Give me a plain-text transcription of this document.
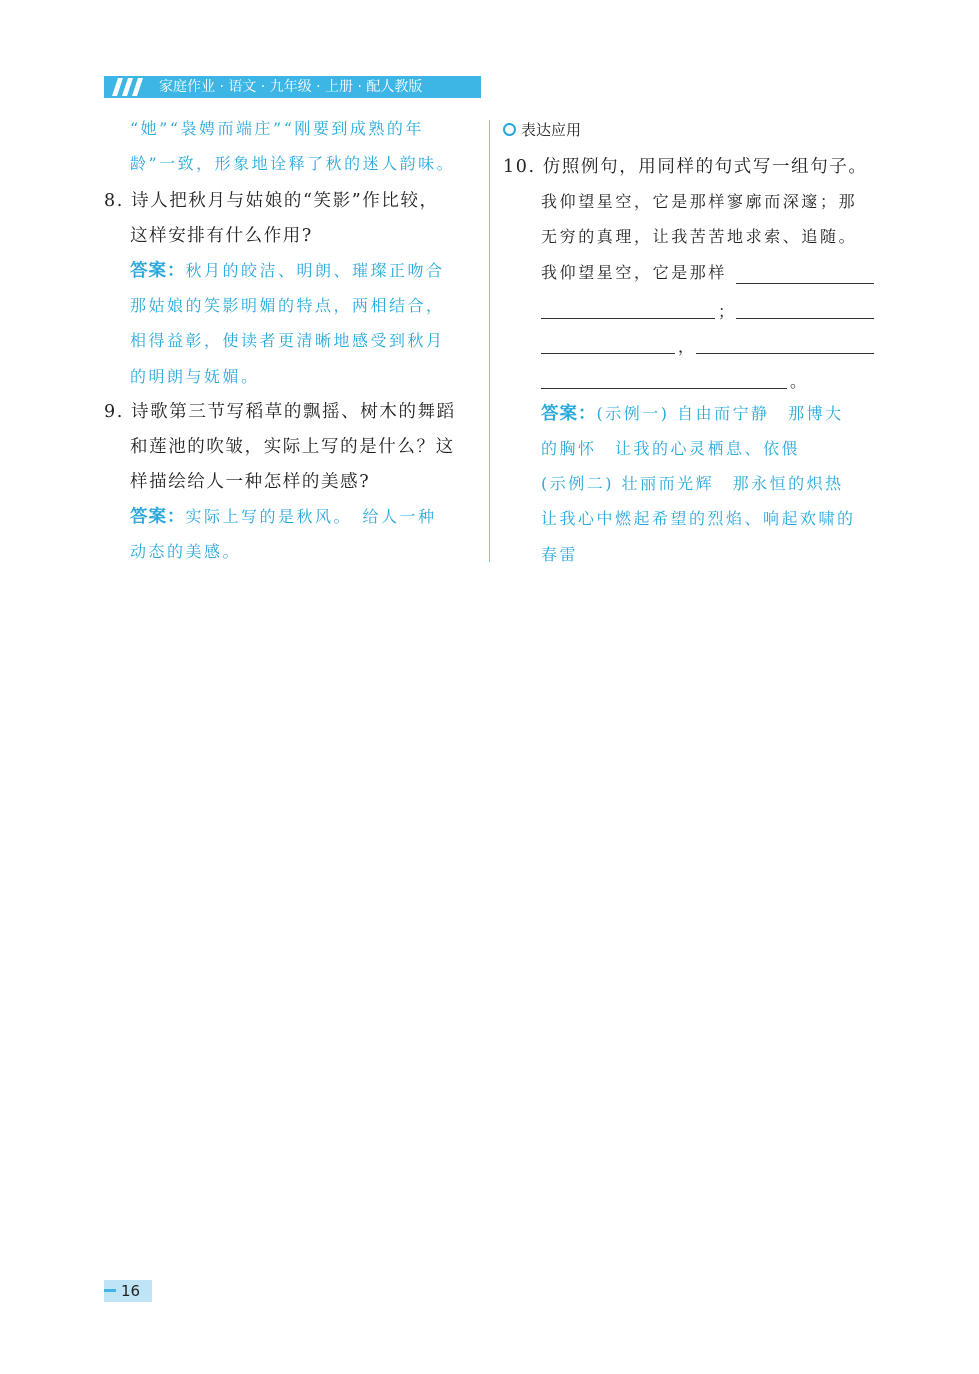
家庭作业 · 语文 · 九年级 · 上册 · 配人教版
“她”“袅娉而端庄”“刚要到成熟的年
龄”一致，形象地诠释了秋的迷人韵味。
8. 诗人把秋月与姑娘的“笑影”作比较，
这样安排有什么作用?
答案：秋月的皎洁、明朗、璀璨正吻合
那姑娘的笑影明媚的特点，两相结合，
相得益彰，使读者更清晰地感受到秋月
的明朗与妩媚。
9. 诗歌第三节写稻草的飘摇、树木的舞蹈
和莲池的吹皱，实际上写的是什么？这
样描绘给人一种怎样的美感?
答案：实际上写的是秋风。　给人一种
动态的美感。
表达应用
10. 仿照例句，用同样的句式写一组句子。
我仰望星空，它是那样寥廓而深邃；那
无穷的真理，让我苦苦地求索、追随。
我仰望星空，它是那样
；
，
。
答案：(示例一) 自由而宁静　那博大
的胸怀　让我的心灵栖息、依偎
(示例二) 壮丽而光辉　那永恒的炽热
让我心中燃起希望的烈焰、响起欢啸的
春雷
16
